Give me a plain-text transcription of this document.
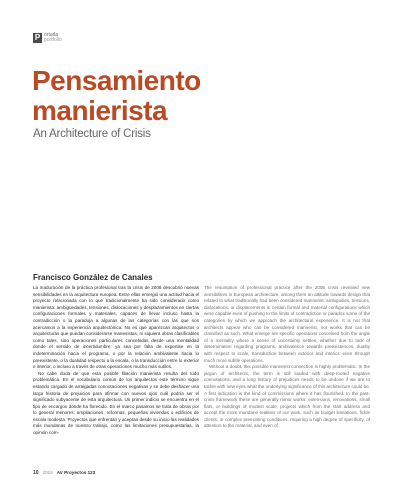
P ortada
portfolio
Pensamiento
manierista
An Architecture of Crisis
Francisco González de Canales

La maduración de la práctica profesional tras la crisis de 2008 descubrió nuevas sensibilidades en la arquitectura europea. Entre ellas emergió una actitud hacia el proyecto relacionada con lo que tradicionalmente ha sido considerado como manierista: ambigüedades, tensiones, dislocaciones y desplazamientos en ciertas configuraciones formales y materiales, capaces de llevar incluso hasta la contradicción o la paradoja a algunas de las categorías con las que nos acercamos a la experiencia arquitectónica. No es que aparezcan arquitectos o arquitecturas que puedan considerarse manieristas, ni siquiera obras clasificables como tales, sino operaciones particulares concebidas desde una mentalidad donde el sentido de incertidumbre: ya sea por falta de expertise en la indeterminación hacia el programa, o por la relación ambivalente hacia lo preexistente, o la dualidad respecto a la escala, o la transducción entre lo exterior e interior, o incluso a través de otras operaciones mucho más sutiles.

No cabe duda de que esta posible filiación manierista resulta del todo problemática. En el vocabulario común de los arquitectos este término sigue estando cargado de arraigadas connotaciones negativas y se debe deshacer una larga historia de prejuicios para afirmar con nuevos ojos cuál podría ser el significado subyacente de esta arquitectura. Un primer indicio se encuentra en el tipo de encargos donde ha florecido. En el marco pasamos se trata de obras por lo general menores: ampliaciones, reformas, pequeñas viviendas o edificios de escala modesta. Proyectos que enfrentan y aceptan desde su inicio las realidades más mundanas de nuestro trabajo, como las limitaciones presupuestarias, la opinión com-

The resumption of professional practice after the 2008 crisis revealed new sensibilities in European architecture, among them an attitude towards design that related to what traditionally had been considered mannerist: ambiguities, tensions, dislocations, or displacements in certain formal and material configurations which were capable even of pushing to the limits of contradiction or paradox some of the categories by which we approach the architectural experience. It is not that architects appear who can be considered mannerist, nor works that can be classified as such. What emerge are specific operations conceived from the angle of a mentality where a sense of uncertainty settles, whether due to lack of determination regarding programs, ambivalence towards preexistences, duality with respect to scale, transduction between exterior and interior, even through much more subtle operations.

Without a doubt, this possible mannerist connection is highly problematic. In the jargon of architects, the term is still loaded with deep-rooted negative connotations, and a long history of prejudices needs to be undone if we are to tackle with new eyes what the underlying significance of this architecture could be. A first indication is the kind of commissions where it has flourished. In the past-crisis framework these are generally minor works: extensions, renovations, small flats, or buildings of modest scale; projects which from the start address and accept the more mundane realities of our work, such as budget limitations, fickle clients, or complex preexisting conditions, requiring a high degree of specificity, of attention to the material, and even of

10 2024 AV Proyectos 123
